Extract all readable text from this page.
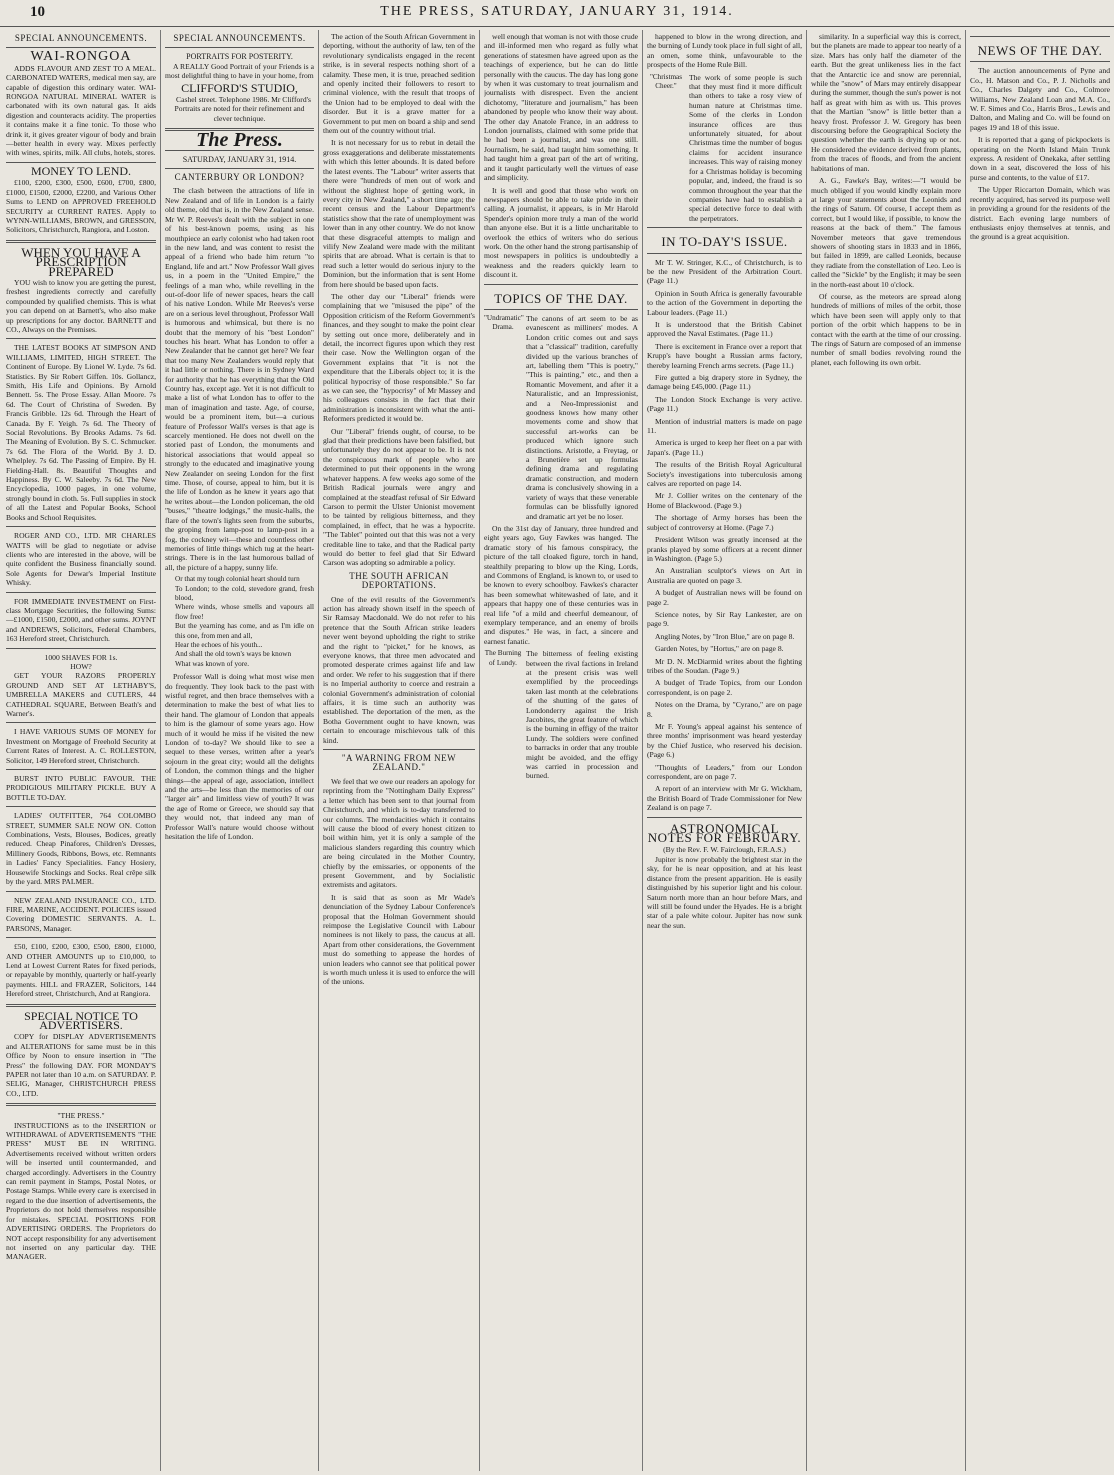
10	THE PRESS, SATURDAY, JANUARY 31, 1914.
SPECIAL ANNOUNCEMENTS.
WAI-RONGOA

ADDS FLAVOUR AND ZEST TO A MEAL. CARBONATED WATERS, medical men say, are capable of digestion this ordinary water. WAI-RONGOA NATURAL MINERAL WATER is carbonated with its own natural gas. It aids digestion and counteracts acidity. The properties it contains make it a fine tonic. To those who drink it, it gives greater vigour of body and brain—better health in every way. Mixes perfectly with wines, spirits, milk. All clubs, hotels, stores.

MONEY TO LEND.

£100, £200, £300, £500, £600, £700, £800, £1000, £1500, £2000, £2200, and Various Other Sums to LEND on APPROVED FREEHOLD SECURITY at CURRENT RATES. Apply to WYNN-WILLIAMS, BROWN, and GRESSON, Solicitors, Christchurch, Rangiora, and Loston.

WHEN YOU HAVE A PRESCRIPTION PREPARED

YOU wish to know you are getting the purest, freshest ingredients correctly and carefully compounded by qualified chemists. This is what you can depend on at Barnett's, who also make up prescriptions for any doctor. BARNETT and CO., Always on the Premises.

THE LATEST BOOKS AT SIMPSON AND WILLIAMS, LIMITED, HIGH STREET. The Continent of Europe. By Lionel W. Lyde. 7s 6d. Statistics. By Sir Robert Giffen. 10s. Gollancz, Smith, His Life and Opinions. By Arnold Bennett. 5s. The Prose Essay. Allan Moore. 7s 6d. The Court of Christina of Sweden. By Francis Gribble. 12s 6d. Through the Heart of Canada. By F. Yeigh. 7s 6d. The Theory of Social Revolutions. By Brooks Adams. 7s 6d. The Meaning of Evolution. By S. C. Schmucker. 7s 6d. The Flora of the World. By J. D. Whelpley. 7s 6d. The Passing of Empire. By H. Fielding-Hall. 8s. Beautiful Thoughts and Happiness. By C. W. Saleeby. 7s 6d. The New Encyclopedia, 1000 pages, in one volume, strongly bound in cloth. 5s. Full supplies in stock of all the Latest and Popular Books, School Books and School Requisites.

ROGER AND CO., LTD. MR CHARLES WATTS will be glad to negotiate or advise clients who are interested in the above, will be quite confident the Business financially sound. Sole Agents for Dewar's Imperial Institute Whisky.

FOR IMMEDIATE INVESTMENT on First-class Mortgage Securities, the following Sums:—£1000, £1500, £2000, and other sums. JOYNT and ANDREWS, Solicitors, Federal Chambers, 163 Hereford street, Christchurch.

1000 SHAVES FOR 1s.
HOW?

GET YOUR RAZORS PROPERLY GROUND AND SET AT LETHABY'S, UMBRELLA MAKERS and CUTLERS, 44 CATHEDRAL SQUARE, Between Beath's and Warner's.

I HAVE VARIOUS SUMS OF MONEY for Investment on Mortgage of Freehold Security at Current Rates of Interest. A. C. ROLLESTON, Solicitor, 149 Hereford street, Christchurch.

BURST INTO PUBLIC FAVOUR. THE PRODIGIOUS MILITARY PICKLE. BUY A BOTTLE TO-DAY.

LADIES' OUTFITTER, 764 COLOMBO STREET, SUMMER SALE NOW ON. Cotton Combinations, Vests, Blouses, Bodices, greatly reduced. Cheap Pinafores, Children's Dresses, Millinery Goods, Ribbons, Bows, etc. Remnants in Ladies' Fancy Specialities. Fancy Hosiery, Housewife Stockings and Socks. Real crêpe silk by the yard. MRS PALMER.

NEW ZEALAND INSURANCE CO., LTD. FIRE, MARINE, ACCIDENT. POLICIES issued Covering DOMESTIC SERVANTS. A. L. PARSONS, Manager.

£50, £100, £200, £300, £500, £800, £1000, AND OTHER AMOUNTS up to £10,000, to Lend at Lowest Current Rates for fixed periods, or repayable by monthly, quarterly or half-yearly payments. HILL and FRAZER, Solicitors, 144 Hereford street, Christchurch, And at Rangiora.

SPECIAL NOTICE TO ADVERTISERS.

COPY for DISPLAY ADVERTISEMENTS and ALTERATIONS for same must be in this Office by Noon to ensure insertion in "The Press" the following DAY. FOR MONDAY'S PAPER not later than 10 a.m. on SATURDAY. P. SELIG, Manager, CHRISTCHURCH PRESS CO., LTD.

"THE PRESS."

INSTRUCTIONS as to the INSERTION or WITHDRAWAL of ADVERTISEMENTS "THE PRESS" MUST BE IN WRITING. Advertisements received without written orders will be inserted until countermanded, and charged accordingly. Advertisers in the Country can remit payment in Stamps, Postal Notes, or Postage Stamps. While every care is exercised in regard to the due insertion of advertisements, the Proprietors do not hold themselves responsible for mistakes. SPECIAL POSITIONS FOR ADVERTISING ORDERS. The Proprietors do NOT accept responsibility for any advertisement not inserted on any particular day. THE MANAGER.

SPECIAL ANNOUNCEMENTS.
PORTRAITS FOR POSTERITY.

A REALLY Good Portrait of your Friends is a most delightful thing to have in your home, from

CLIFFORD'S STUDIO,

Cashel street. Telephone 1986. Mr Clifford's Portraits are noted for their refinement and clever technique.

The Press.
SATURDAY, JANUARY 31, 1914.
CANTERBURY OR LONDON?

The clash between the attractions of life in New Zealand and of life in London is a fairly old theme, old that is, in the New Zealand sense. Mr W. P. Reeves's dealt with the subject in one of his best-known poems, using as his mouthpiece an early colonist who had taken root in the new land, and was content to resist the appeal of a friend who bade him return "to England, life and art." Now Professor Wall gives us, in a poem in the "United Empire," the feelings of a man who, while revelling in the out-of-door life of newer spaces, hears the call of his native London. While Mr Reeves's verse are on a serious level throughout, Professor Wall is humorous and whimsical, but there is no doubt that the memory of his "best London" touches his heart. What has London to offer a New Zealander that he cannot get here? We fear that too many New Zealanders would reply that it had little or nothing. There is in Sydney Ward for authority that he has everything that the Old Country has, except age. Yet it is not difficult to make a list of what London has to offer to the man of imagination and taste. Age, of course, would be a prominent item, but—a curious feature of Professor Wall's verses is that age is scarcely mentioned. He does not dwell on the storied past of London, the monuments and historical associations that would appeal so strongly to the educated and imaginative young New Zealander on seeing London for the first time. Those, of course, appeal to him, but it is the life of London as he knew it years ago that he writes about—the London policeman, the old "buses," "theatre lodgings," the music-halls, the flare of the town's lights seen from the suburbs, the groping from lamp-post to lamp-post in a fog, the cockney wit—these and countless other memories of little things which tug at the heart-strings. There is in the last humorous ballad of all, the picture of a happy, sunny life.

Or that my tough colonial heart should turn
To London; to the cold, stevedore grand, fresh blood,
Where winds, whose smells and vapours all flow free!
But the yearning has come, and as I'm idle on this one, from men and all,
Hear the echoes of his youth...
And shall the old town's ways be known
What was known of yore.

Professor Wall is doing what most wise men do frequently. They look back to the past with wistful regret, and then brace themselves with a determination to make the best of what lies to their hand. The glamour of London that appeals to him is the glamour of some years ago. How much of it would he miss if he visited the new London of to-day? We should like to see a sequel to these verses, written after a year's sojourn in the great city; would all the delights of London, the common things and the higher things—the appeal of age, association, intellect and the arts—be less than the memories of our "larger air" and limitless view of youth? It was the age of Rome or Greece, we should say that they would not, that indeed any man of Professor Wall's nature would choose without hesitation the life of London.

The action of the South African Government in deporting, without the authority of law, ten of the revolutionary syndicalists engaged in the recent strike, is in several respects nothing short of a calamity. These men, it is true, preached sedition and openly incited their followers to resort to criminal violence, with the result that troops of the Union had to be employed to deal with the disorder. But it is a grave matter for a Government to put men on board a ship and send them out of the country without trial.

It is not necessary for us to rebut in detail the gross exaggerations and deliberate misstatements with which this letter abounds. It is dated before the latest events. The "Labour" writer asserts that there were "hundreds of men out of work and without the slightest hope of getting work, in every city in New Zealand," a short time ago; the recent census and the Labour Department's statistics show that the rate of unemployment was lower than in any other country. We do not know that these disgraceful attempts to malign and vilify New Zealand were made with the militant spirits that are abroad. What is certain is that to read such a letter would do serious injury to the Dominion, but the information that is sent Home from here should be based upon facts.

The other day our "Liberal" friends were complaining that we "misused the pipe" of the Opposition criticism of the Reform Government's finances, and they sought to make the point clear by setting out once more, deliberately and in detail, the incorrect figures upon which they rest their case. Now the Wellington organ of the Government explains that "it is not the expenditure that the Liberals object to; it is the political hypocrisy of those responsible." So far as we can see, the "hypocrisy" of Mr Massey and his colleagues consists in the fact that their administration is inconsistent with what the anti-Reformers predicted it would be.

Our "Liberal" friends ought, of course, to be glad that their predictions have been falsified, but unfortunately they do not appear to be. It is not the conspicuous mark of people who are determined to put their opponents in the wrong whatever happens. A few weeks ago some of the British Radical journals were angry and complained at the steadfast refusal of Sir Edward Carson to permit the Ulster Unionist movement to be tainted by religious bitterness, and they complained, in effect, that he was a hypocrite. "The Tablet" pointed out that this was not a very creditable line to take, and that the Radical party would do better to feel glad that Sir Edward Carson was adopting so admirable a policy.

THE SOUTH AFRICAN DEPORTATIONS.

One of the evil results of the Government's action has already shown itself in the speech of Sir Ramsay Macdonald. We do not refer to his pretence that the South African strike leaders never went beyond upholding the right to strike and the right to "picket," for he knows, as everyone knows, that three men advocated and promoted desperate crimes against life and law and order. We refer to his suggestion that if there is no Imperial authority to coerce and restrain a colonial Government's administration of colonial affairs, it is time such an authority was established. The deportation of the men, as the Botha Government ought to have known, was certain to encourage mischievous talk of this kind.

"A WARNING FROM NEW ZEALAND."

We feel that we owe our readers an apology for reprinting from the "Nottingham Daily Express" a letter which has been sent to that journal from Christchurch, and which is to-day transferred to our columns. The mendacities which it contains will cause the blood of every honest citizen to boil within him, yet it is only a sample of the malicious slanders regarding this country which are being circulated in the Mother Country, chiefly by the emissaries, or opponents of the present Government, and by Socialistic extremists and agitators.

It is said that as soon as Mr Wade's denunciation of the Sydney Labour Conference's proposal that the Holman Government should reimpose the Legislative Council with Labour nominees is not likely to pass, the caucus at all. Apart from other considerations, the Government must do something to appease the hordes of union leaders who cannot see that political power is worth much unless it is used to enforce the will of the unions.

well enough that woman is not with those crude and ill-informed men who regard as fully what generations of statesmen have agreed upon as the teachings of experience, but he can do little personally with the caucus. The day has long gone by when it was customary to treat journalism and journalists with disrespect. Even the ancient dichotomy, "literature and journalism," has been abandoned by people who know their way about. The other day Anatole France, in an address to London journalists, claimed with some pride that he had been a journalist, and was one still. Journalism, he said, had taught him something. It had taught him a great part of the art of writing, and it taught particularly well the virtues of ease and simplicity.

It is well and good that those who work on newspapers should be able to take pride in their calling. A journalist, it appears, is in Mr Harold Spender's opinion more truly a man of the world than anyone else. But it is a little uncharitable to overlook the ethics of writers who do serious work. On the other hand the strong partisanship of most newspapers in politics is undoubtedly a weakness and the readers quickly learn to discount it.

TOPICS OF THE DAY.
"Undramatic" Drama.
The canons of art seem to be as evanescent as milliners' modes. A London critic comes out and says that a "classical" tradition, carefully divided up the various branches of art, labelling them "This is poetry," "This is painting," etc., and then a Romantic Movement, and after it a Naturalistic, and an Impressionist, and a Neo-Impressionist and goodness knows how many other movements come and show that successful art-works can be produced which ignore such distinctions. Aristotle, a Freytag, or a Brunetière set up formulas defining drama and regulating dramatic construction, and modern drama is conclusively showing in a variety of ways that these venerable formulas can be blissfully ignored and dramatic art yet be no loser.

On the 31st day of January, three hundred and eight years ago, Guy Fawkes was hanged. The dramatic story of his famous conspiracy, the picture of the tall cloaked figure, torch in hand, stealthily preparing to blow up the King, Lords, and Commons of England, is known to, or used to be known to every schoolboy. Fawkes's character has been somewhat whitewashed of late, and it appears that happy one of these centuries was in real life "of a mild and cheerful demeanour, of exemplary temperance, and an enemy of broils and disputes." He was, in fact, a sincere and earnest fanatic.

The Burning of Lundy.
The bitterness of feeling existing between the rival factions in Ireland at the present crisis was well exemplified by the proceedings taken last month at the celebrations of the shutting of the gates of Londonderry against the Irish Jacobites, the great feature of which is the burning in effigy of the traitor Lundy. The soldiers were confined to barracks in order that any trouble might be avoided, and the effigy was carried in procession and burned.

happened to blow in the wrong direction, and the burning of Lundy took place in full sight of all, an omen, some think, unfavourable to the prospects of the Home Rule Bill.

"Christmas Cheer."
The work of some people is such that they must find it more difficult than others to take a rosy view of human nature at Christmas time. Some of the clerks in London insurance offices are thus unfortunately situated, for about Christmas time the number of bogus claims for accident insurance increases. This way of raising money for a Christmas holiday is becoming popular, and, indeed, the fraud is so common throughout the year that the companies have had to establish a special detective force to deal with the perpetrators.
IN TO-DAY'S ISSUE.

Mr T. W. Stringer, K.C., of Christchurch, is to be the new President of the Arbitration Court. (Page 11.)

Opinion in South Africa is generally favourable to the action of the Government in deporting the Labour leaders. (Page 11.)

It is understood that the British Cabinet approved the Naval Estimates. (Page 11.)

There is excitement in France over a report that Krupp's have bought a Russian arms factory, thereby learning French arms secrets. (Page 11.)

Fire gutted a big drapery store in Sydney, the damage being £45,000. (Page 11.)

The London Stock Exchange is very active. (Page 11.)

Mention of industrial matters is made on page 11.

America is urged to keep her fleet on a par with Japan's. (Page 11.)

The results of the British Royal Agricultural Society's investigations into tuberculosis among calves are reported on page 14.

Mr J. Collier writes on the centenary of the Home of Blackwood. (Page 9.)

The shortage of Army horses has been the subject of controversy at Home. (Page 7.)

President Wilson was greatly incensed at the pranks played by some officers at a recent dinner in Washington. (Page 5.)

An Australian sculptor's views on Art in Australia are quoted on page 3.

A budget of Australian news will be found on page 2.

Science notes, by Sir Ray Lankester, are on page 9.

Angling Notes, by "Iron Blue," are on page 8.

Garden Notes, by "Hortus," are on page 8.

Mr D. N. McDiarmid writes about the fighting tribes of the Soudan. (Page 9.)

A budget of Trade Topics, from our London correspondent, is on page 2.

Notes on the Drama, by "Cyrano," are on page 8.

Mr F. Young's appeal against his sentence of three months' imprisonment was heard yesterday by the Chief Justice, who reserved his decision. (Page 6.)

"Thoughts of Leaders," from our London correspondent, are on page 7.

A report of an interview with Mr G. Wickham, the British Board of Trade Commissioner for New Zealand is on page 7.

ASTRONOMICAL NOTES FOR FEBRUARY.
(By the Rev. F. W. Fairclough, F.R.A.S.)

Jupiter is now probably the brightest star in the sky, for he is near opposition, and at his least distance from the present apparition. He is easily distinguished by his superior light and his colour. Saturn north more than an hour before Mars, and will still be found under the Hyades. He is a bright star of a pale white colour. Jupiter has now sunk near the sun.

similarity. In a superficial way this is correct, but the planets are made to appear too nearly of a size. Mars has only half the diameter of the earth. But the great unlikeness lies in the fact that the Antarctic ice and snow are perennial, while the "snow" of Mars may entirely disappear during the summer, though the sun's power is not half as great with him as with us. This proves that the Martian "snow" is little better than a heavy frost. Professor J. W. Gregory has been discoursing before the Geographical Society the question whether the earth is drying up or not. He considered the evidence derived from plants, from the traces of floods, and from the ancient habitations of man.

A. G., Fawke's Bay, writes:—"I would be much obliged if you would kindly explain more at large your statements about the Leonids and the rings of Saturn. Of course, I accept them as correct, but I would like, if possible, to know the reasons at the back of them." The famous November meteors that gave tremendous showers of shooting stars in 1833 and in 1866, but failed in 1899, are called Leonids, because they radiate from the constellation of Leo. Leo is called the "Sickle" by the English; it may be seen in the north-east about 10 o'clock.

Of course, as the meteors are spread along hundreds of millions of miles of the orbit, those which have been seen will apply only to that portion of the orbit which happens to be in contact with the earth at the time of our crossing. The rings of Saturn are composed of an immense number of small bodies revolving round the planet, each following its own orbit.

NEWS OF THE DAY.

The auction announcements of Pyne and Co., H. Matson and Co., P. J. Nicholls and Co., Charles Dalgety and Co., Colmore Williams, New Zealand Loan and M.A. Co., W. F. Simes and Co., Harris Bros., Lewis and Dalton, and Maling and Co. will be found on pages 19 and 18 of this issue.

It is reported that a gang of pickpockets is operating on the North Island Main Trunk express. A resident of Onekaka, after settling down in a seat, discovered the loss of his purse and contents, to the value of £17.

The Upper Riccarton Domain, which was recently acquired, has served its purpose well in providing a ground for the residents of the district. Each evening large numbers of enthusiasts enjoy themselves at tennis, and the ground is a great acquisition.
